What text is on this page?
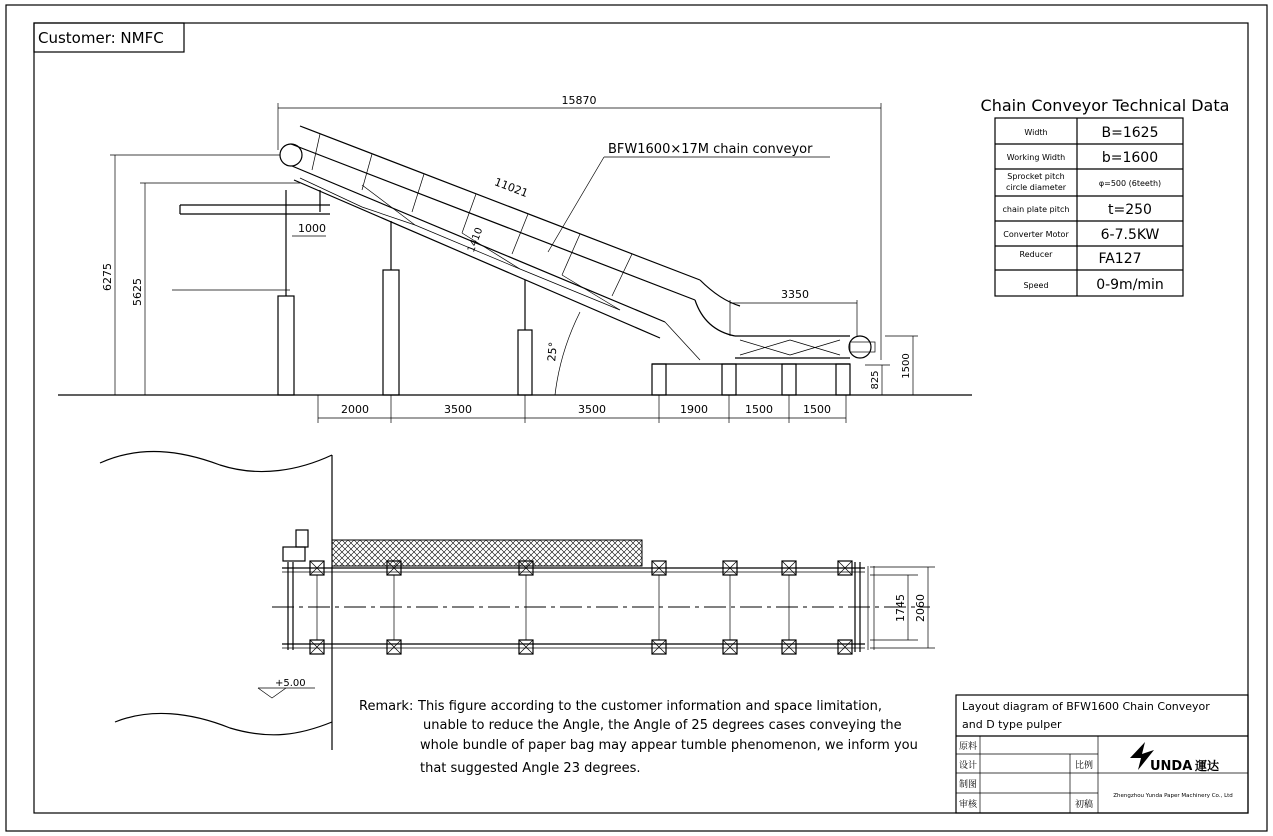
Customer: NMFC
15870
6275
5625
1000
11021
1410
BFW1600×17M chain conveyor
25°
3350
825
1500
2000	3500	3500	1900	1500	1500
Chain Conveyor Technical Data
Width	B=1625
Working Width	b=1600
Sprocket pitch circle diameter	φ=500 (6teeth)
chain plate pitch	t=250
Converter Motor 6-7.5KW
Reducer	FA127
Speed	0-9m/min
+5.00
1745 2060
Remark: This figure according to the customer information and space limitation,
unable to reduce the Angle, the Angle of 25 degrees cases conveying the
whole bundle of paper bag may appear tumble phenomenon, we inform you
that suggested Angle 23 degrees.
Layout diagram of BFW1600 Chain Conveyor
and D type pulper
原料
设计
制图
审核
比例
初稿
UNDA 運达
Zhengzhou Yunda Paper Machinery Co., Ltd
